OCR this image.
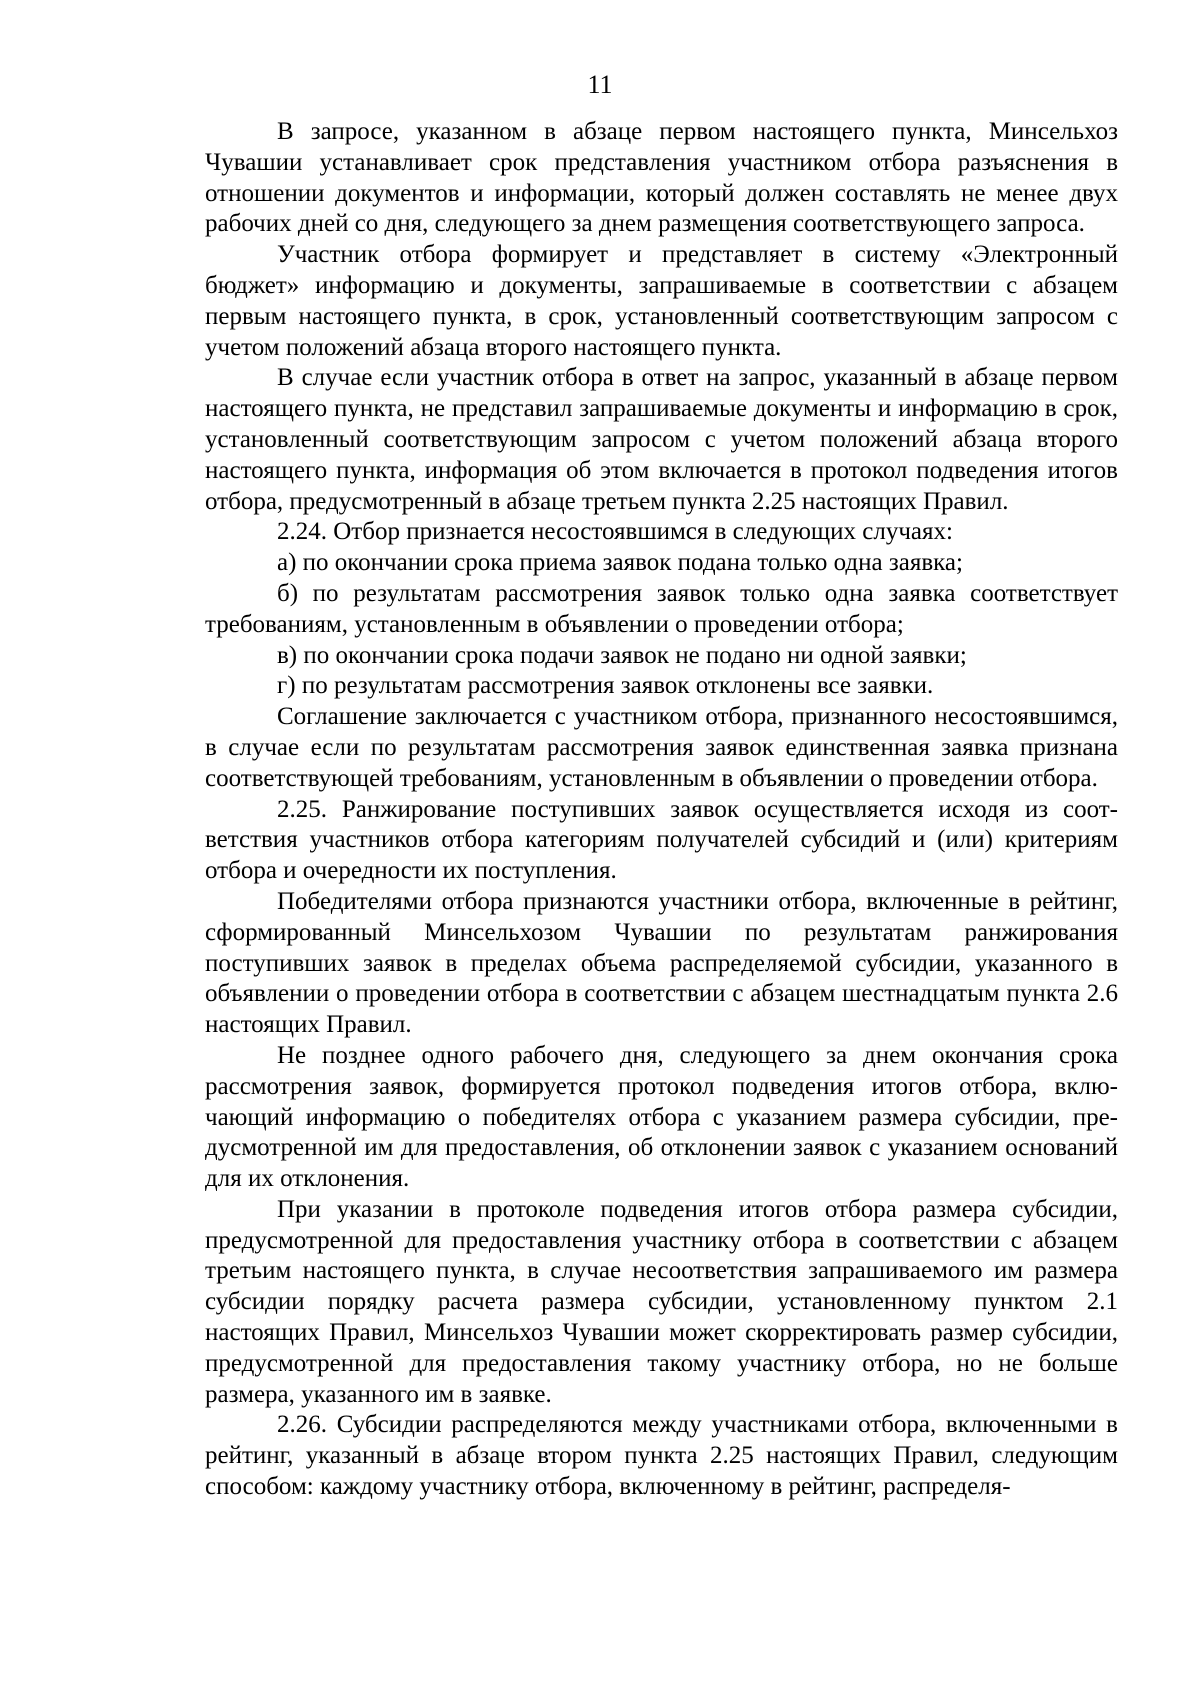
11

В запросе, указанном в абзаце первом настоящего пункта, Минсельхоз Чувашии устанавливает срок представления участником отбора разъяснения в отношении документов и информации, который должен составлять не менее двух рабочих дней со дня, следующего за днем размещения соответствующего запроса.

Участник отбора формирует и представляет в систему «Электронный бюджет» информацию и документы, запрашиваемые в соответствии с абзацем первым настоящего пункта, в срок, установленный соответствующим запросом с учетом положений абзаца второго настоящего пункта.

В случае если участник отбора в ответ на запрос, указанный в абзаце первом настоящего пункта, не представил запрашиваемые документы и информацию в срок, установленный соответствующим запросом с учетом положений абзаца второго настоящего пункта, информация об этом включается в протокол подведения итогов отбора, предусмотренный в абзаце третьем пункта 2.25 настоящих Правил.

2.24. Отбор признается несостоявшимся в следующих случаях:

а) по окончании срока приема заявок подана только одна заявка;

б) по результатам рассмотрения заявок только одна заявка соответствует требованиям, установленным в объявлении о проведении отбора;

в) по окончании срока подачи заявок не подано ни одной заявки;

г) по результатам рассмотрения заявок отклонены все заявки.

Соглашение заключается с участником отбора, признанного несостоявшимся, в случае если по результатам рассмотрения заявок единственная заявка признана соответствующей требованиям, установленным в объявлении о проведении отбора.

2.25. Ранжирование поступивших заявок осуществляется исходя из соответствия участников отбора категориям получателей субсидий и (или) критериям отбора и очередности их поступления.

Победителями отбора признаются участники отбора, включенные в рейтинг, сформированный Минсельхозом Чувашии по результатам ранжирования поступивших заявок в пределах объема распределяемой субсидии, указанного в объявлении о проведении отбора в соответствии с абзацем шестнадцатым пункта 2.6 настоящих Правил.

Не позднее одного рабочего дня, следующего за днем окончания срока рассмотрения заявок, формируется протокол подведения итогов отбора, включающий информацию о победителях отбора с указанием размера субсидии, предусмотренной им для предоставления, об отклонении заявок с указанием оснований для их отклонения.

При указании в протоколе подведения итогов отбора размера субсидии, предусмотренной для предоставления участнику отбора в соответствии с абзацем третьим настоящего пункта, в случае несоответствия запрашиваемого им размера субсидии порядку расчета размера субсидии, установленному пунктом 2.1 настоящих Правил, Минсельхоз Чувашии может скорректировать размер субсидии, предусмотренной для предоставления такому участнику отбора, но не больше размера, указанного им в заявке.

2.26. Субсидии распределяются между участниками отбора, включенными в рейтинг, указанный в абзаце втором пункта 2.25 настоящих Правил, следующим способом: каждому участнику отбора, включенному в рейтинг, распределя-
